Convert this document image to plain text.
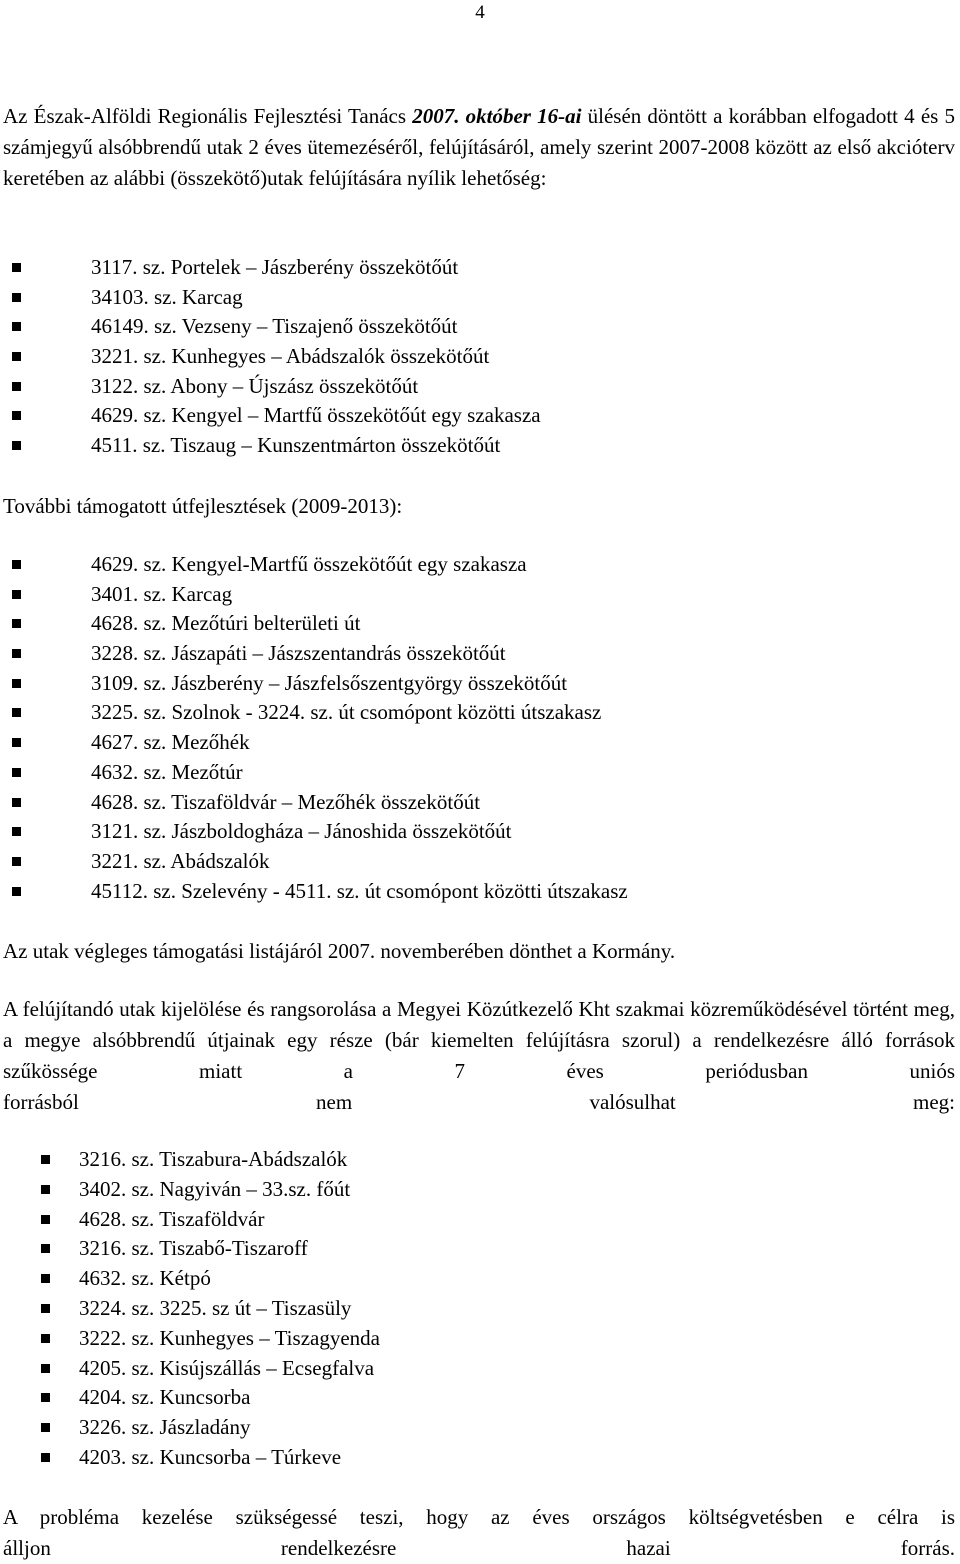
4

Az Észak-Alföldi Regionális Fejlesztési Tanács 2007. október 16-ai ülésén döntött a korábban elfogadott 4 és 5 számjegyű alsóbbrendű utak 2 éves ütemezéséről, felújításáról, amely szerint 2007-2008 között az első akcióterv keretében az alábbi (összekötő)utak felújítására nyílik lehetőség:

3117. sz. Portelek – Jászberény összekötőút
34103. sz. Karcag
46149. sz. Vezseny – Tiszajenő összekötőút
3221. sz. Kunhegyes – Abádszalók összekötőút
3122. sz. Abony – Újszász összekötőút
4629. sz. Kengyel – Martfű összekötőút egy szakasza
4511. sz. Tiszaug – Kunszentmárton összekötőút
További támogatott útfejlesztések (2009-2013):
4629. sz. Kengyel-Martfű összekötőút egy szakasza
3401. sz. Karcag
4628. sz. Mezőtúri belterületi út
3228. sz. Jászapáti – Jászszentandrás összekötőút
3109. sz. Jászberény – Jászfelsőszentgyörgy összekötőút
3225. sz. Szolnok - 3224. sz. út csomópont közötti útszakasz
4627. sz. Mezőhék
4632. sz. Mezőtúr
4628. sz. Tiszaföldvár – Mezőhék összekötőút
3121. sz. Jászboldogháza – Jánoshida összekötőút
3221. sz. Abádszalók
45112. sz. Szelevény - 4511. sz. út csomópont közötti útszakasz
Az utak végleges támogatási listájáról 2007. novemberében dönthet a Kormány.

A felújítandó utak kijelölése és rangsorolása a Megyei Közútkezelő Kht szakmai közreműködésével történt meg, a megye alsóbbrendű útjainak egy része (bár kiemelten felújításra szorul) a rendelkezésre álló források szűkössége miatt a 7 éves periódusban uniós
forrásból nem valósulhat meg:

3216. sz. Tiszabura-Abádszalók
3402. sz. Nagyiván – 33.sz. főút
4628. sz. Tiszaföldvár
3216. sz. Tiszabő-Tiszaroff
4632. sz. Kétpó
3224. sz. 3225. sz út – Tiszasüly
3222. sz. Kunhegyes – Tiszagyenda
4205. sz. Kisújszállás – Ecsegfalva
4204. sz. Kuncsorba
3226. sz. Jászladány
4203. sz. Kuncsorba – Túrkeve

A probléma kezelése szükségessé teszi, hogy az éves országos költségvetésben e célra is
álljon rendelkezésre hazai forrás.
